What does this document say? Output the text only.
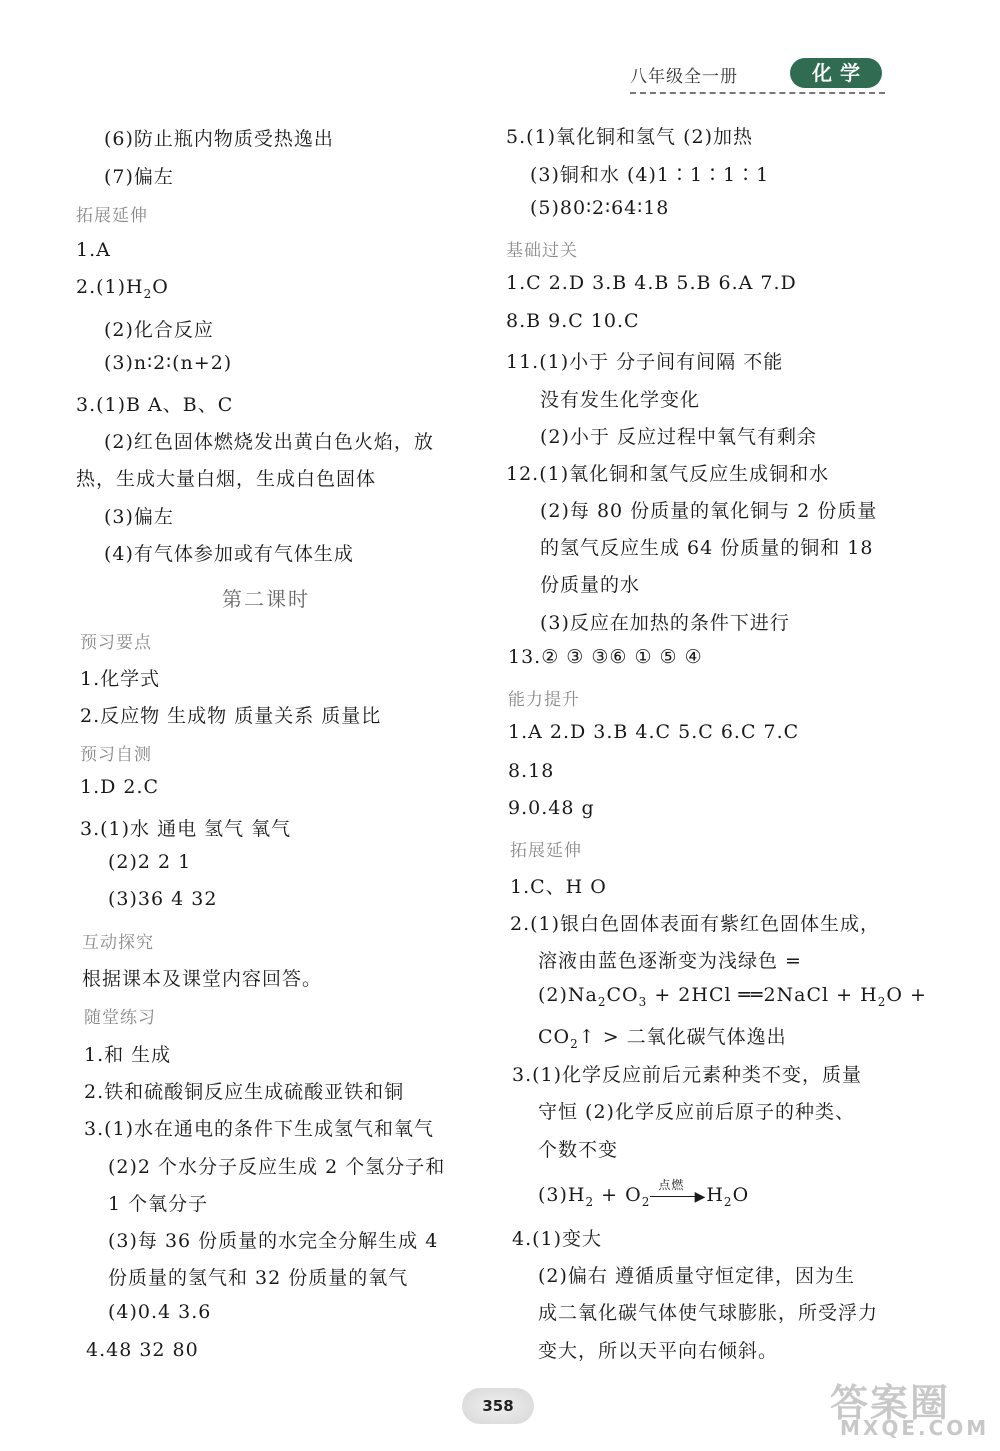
八年级全一册	化学
(6)防止瓶内物质受热逸出
(7)偏左
拓展延伸
1.A
$2.(1)H_2O$
(2)化合反应
(3)n∶2∶(n+2)
3.(1)B A、B、C
(2)红色固体燃烧发出黄白色火焰，放
热，生成大量白烟，生成白色固体
(3)偏左
(4)有气体参加或有气体生成
第二课时
预习要点
1.化学式
2.反应物 生成物 质量关系 质量比
预习自测
1.D 2.C
3.(1)水 通电 氢气 氧气
(2)2 2 1
(3)36 4 32
互动探究
根据课本及课堂内容回答。
随堂练习
1.和 生成
2.铁和硫酸铜反应生成硫酸亚铁和铜
3.(1)水在通电的条件下生成氢气和氧气
(2)2 个水分子反应生成 2 个氢分子和
1 个氧分子
(3)每 36 份质量的水完全分解生成 4
份质量的氢气和 32 份质量的氧气
(4)0.4 3.6
4.48 32 80
5.(1)氧化铜和氢气 (2)加热
(3)铜和水 (4)1∶1∶1∶1
(5)80∶2∶64∶18
基础过关
1.C 2.D 3.B 4.B 5.B 6.A 7.D
8.B 9.C 10.C
11.(1)小于 分子间有间隔 不能
没有发生化学变化
(2)小于 反应过程中氧气有剩余
12.(1)氧化铜和氢气反应生成铜和水
(2)每 80 份质量的氧化铜与 2 份质量
的氢气反应生成 64 份质量的铜和 18
份质量的水
(3)反应在加热的条件下进行
13.② ③ ③⑥ ① ⑤ ④
能力提升
1.A 2.D 3.B 4.C 5.C 6.C 7.C
8.18
9.0.48 g
拓展延伸
1.C、H O
2.(1)银白色固体表面有紫红色固体生成，
溶液由蓝色逐渐变为浅绿色 =
$(2)Na_2CO_3 + 2HCl$ ══2NaCl + $H_2O$ +
$CO_2↑$ > 二氧化碳气体逸出
3.(1)化学反应前后元素种类不变，质量
守恒 (2)化学反应前后原子的种类、
个数不变
$(3)H_2 + O_2$
点燃
▶ $H_2O$
4.(1)变大
(2)偏右 遵循质量守恒定律，因为生
成二氧化碳气体使气球膨胀，所受浮力
变大，所以天平向右倾斜。
358	答案圈
MXQE.COM
